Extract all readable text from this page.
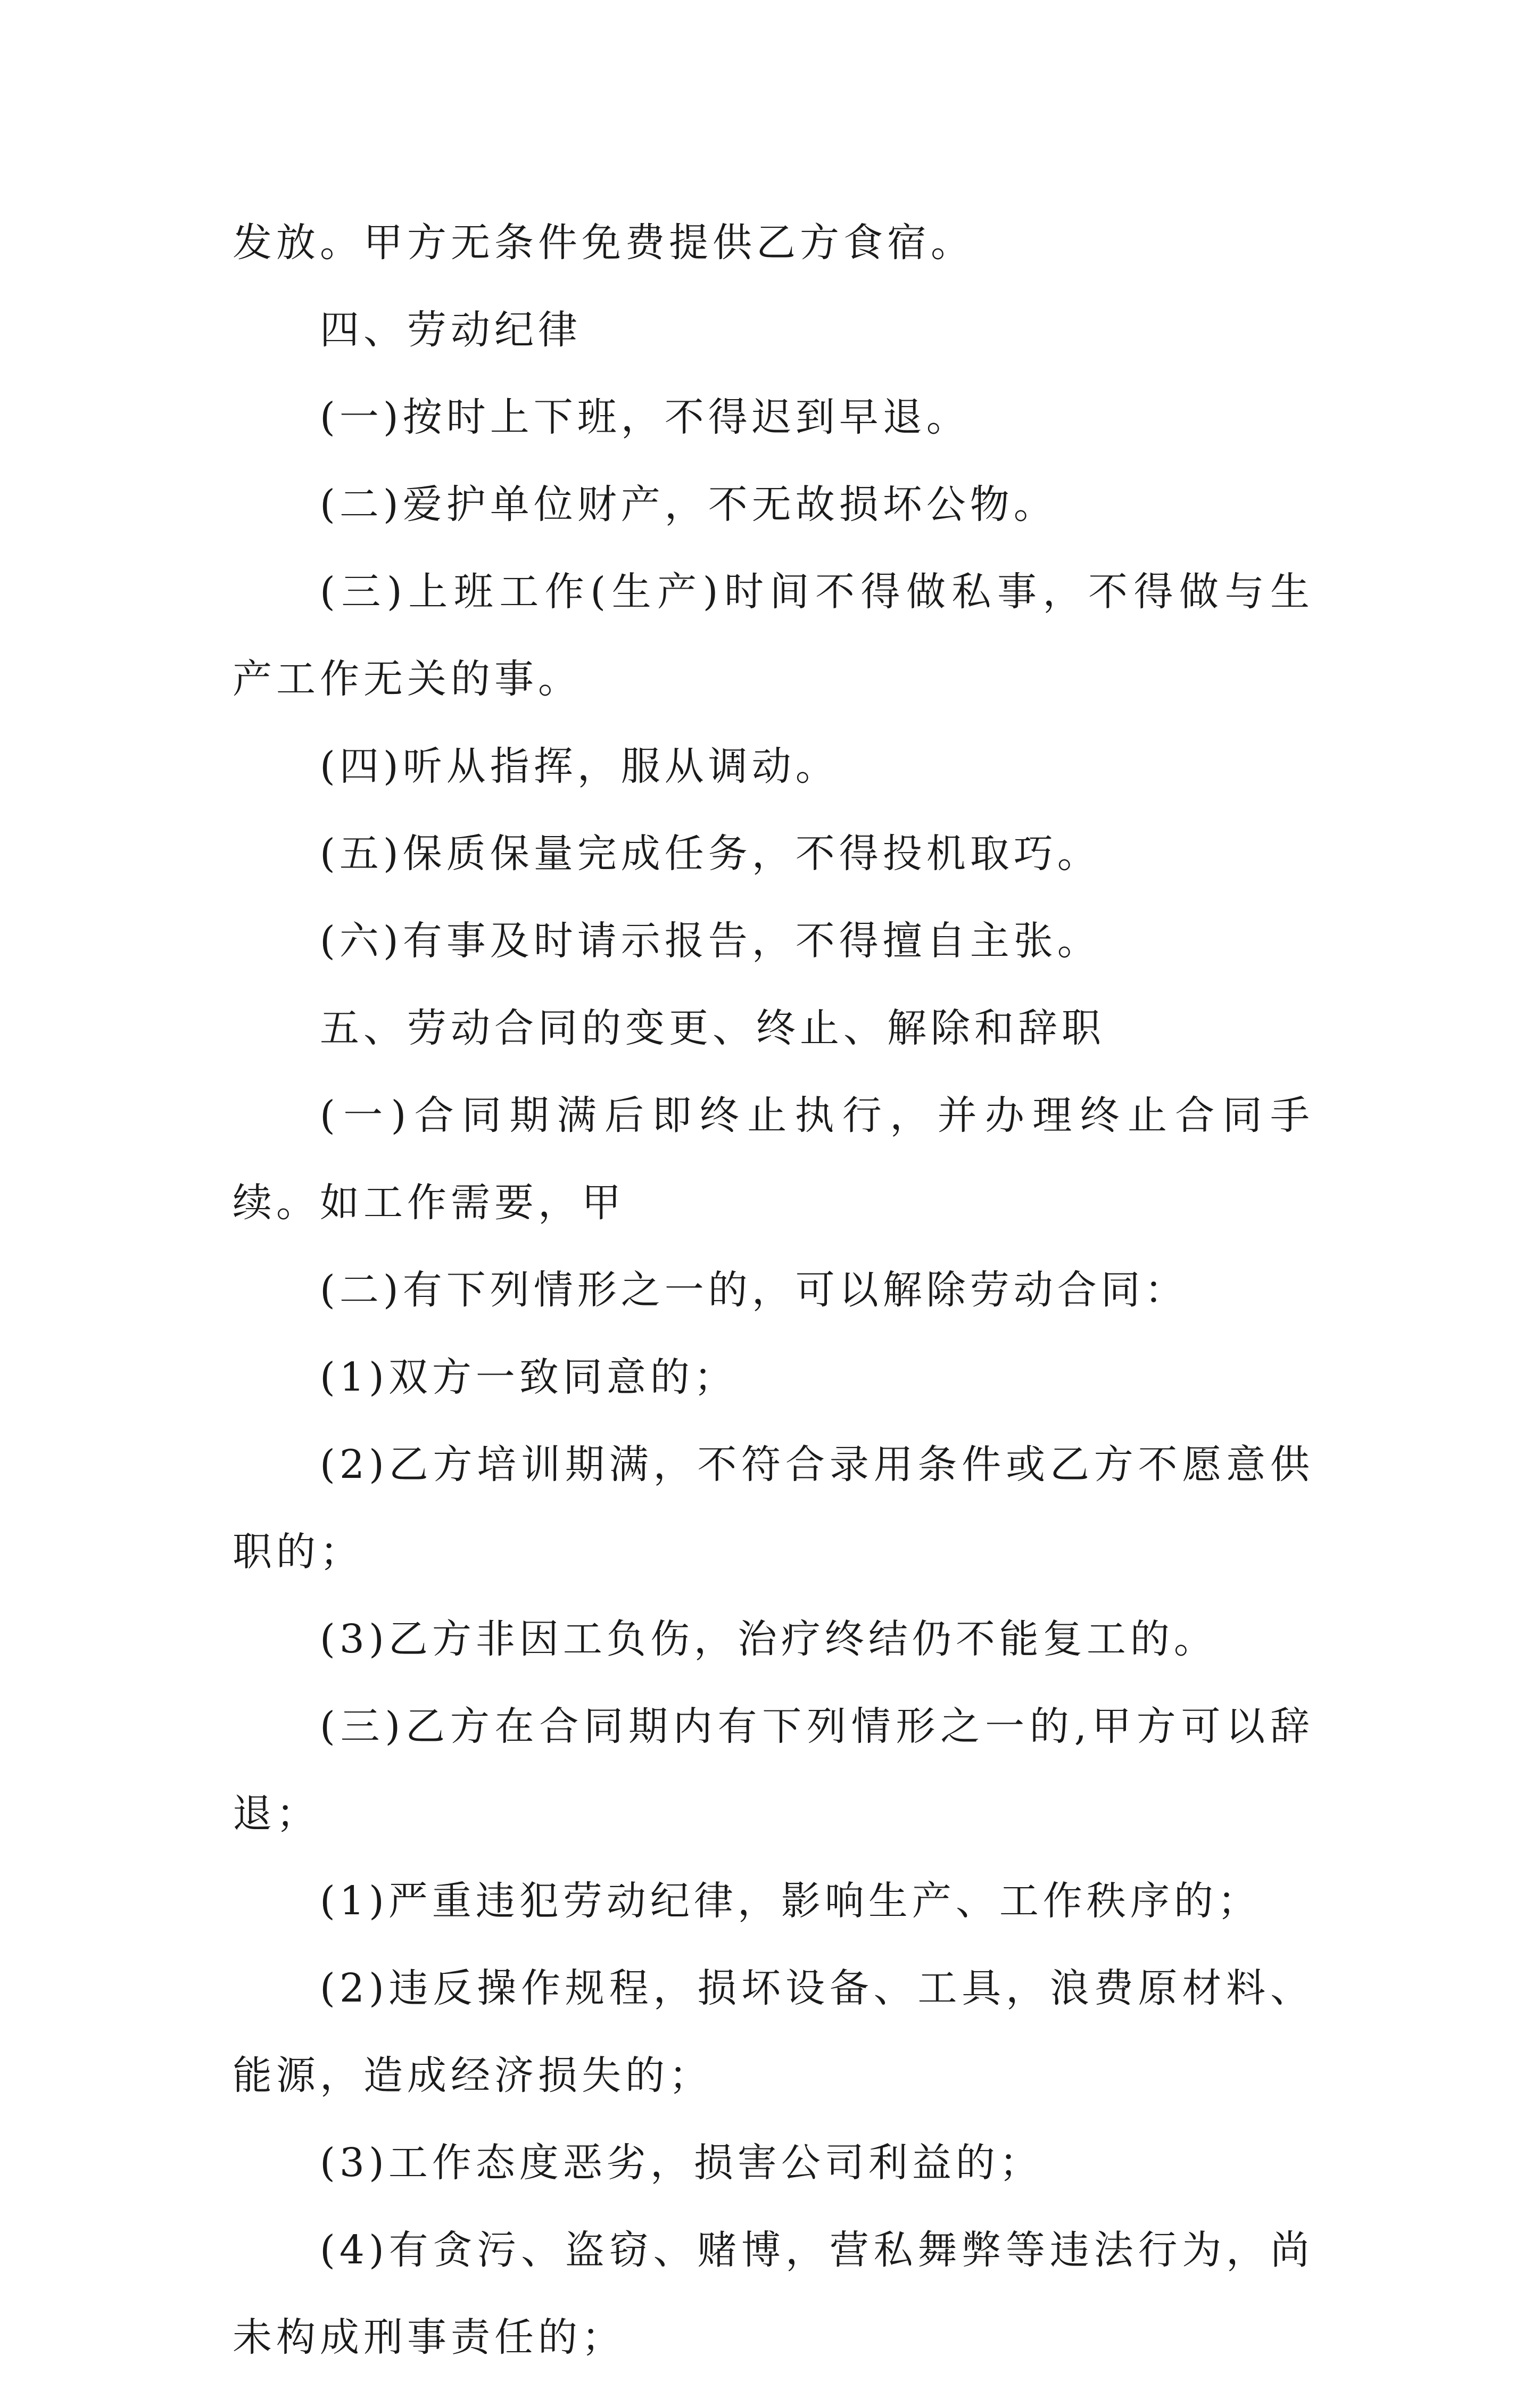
发放。甲方无条件免费提供乙方食宿。

四、劳动纪律

(一)按时上下班，不得迟到早退。

(二)爱护单位财产，不无故损坏公物。

(三)上班工作(生产)时间不得做私事，不得做与生产工作无关的事。

(四)听从指挥，服从调动。

(五)保质保量完成任务，不得投机取巧。

(六)有事及时请示报告，不得擅自主张。

五、劳动合同的变更、终止、解除和辞职

(一)合同期满后即终止执行，并办理终止合同手续。如工作需要，甲

(二)有下列情形之一的，可以解除劳动合同：

(1)双方一致同意的；

(2)乙方培训期满，不符合录用条件或乙方不愿意供职的；

(3)乙方非因工负伤，治疗终结仍不能复工的。

(三)乙方在合同期内有下列情形之一的,甲方可以辞退；

(1)严重违犯劳动纪律，影响生产、工作秩序的；

(2)违反操作规程，损坏设备、工具，浪费原材料、能源，造成经济损失的；

(3)工作态度恶劣，损害公司利益的；

(4)有贪污、盗窃、赌博，营私舞弊等违法行为，尚未构成刑事责任的；
